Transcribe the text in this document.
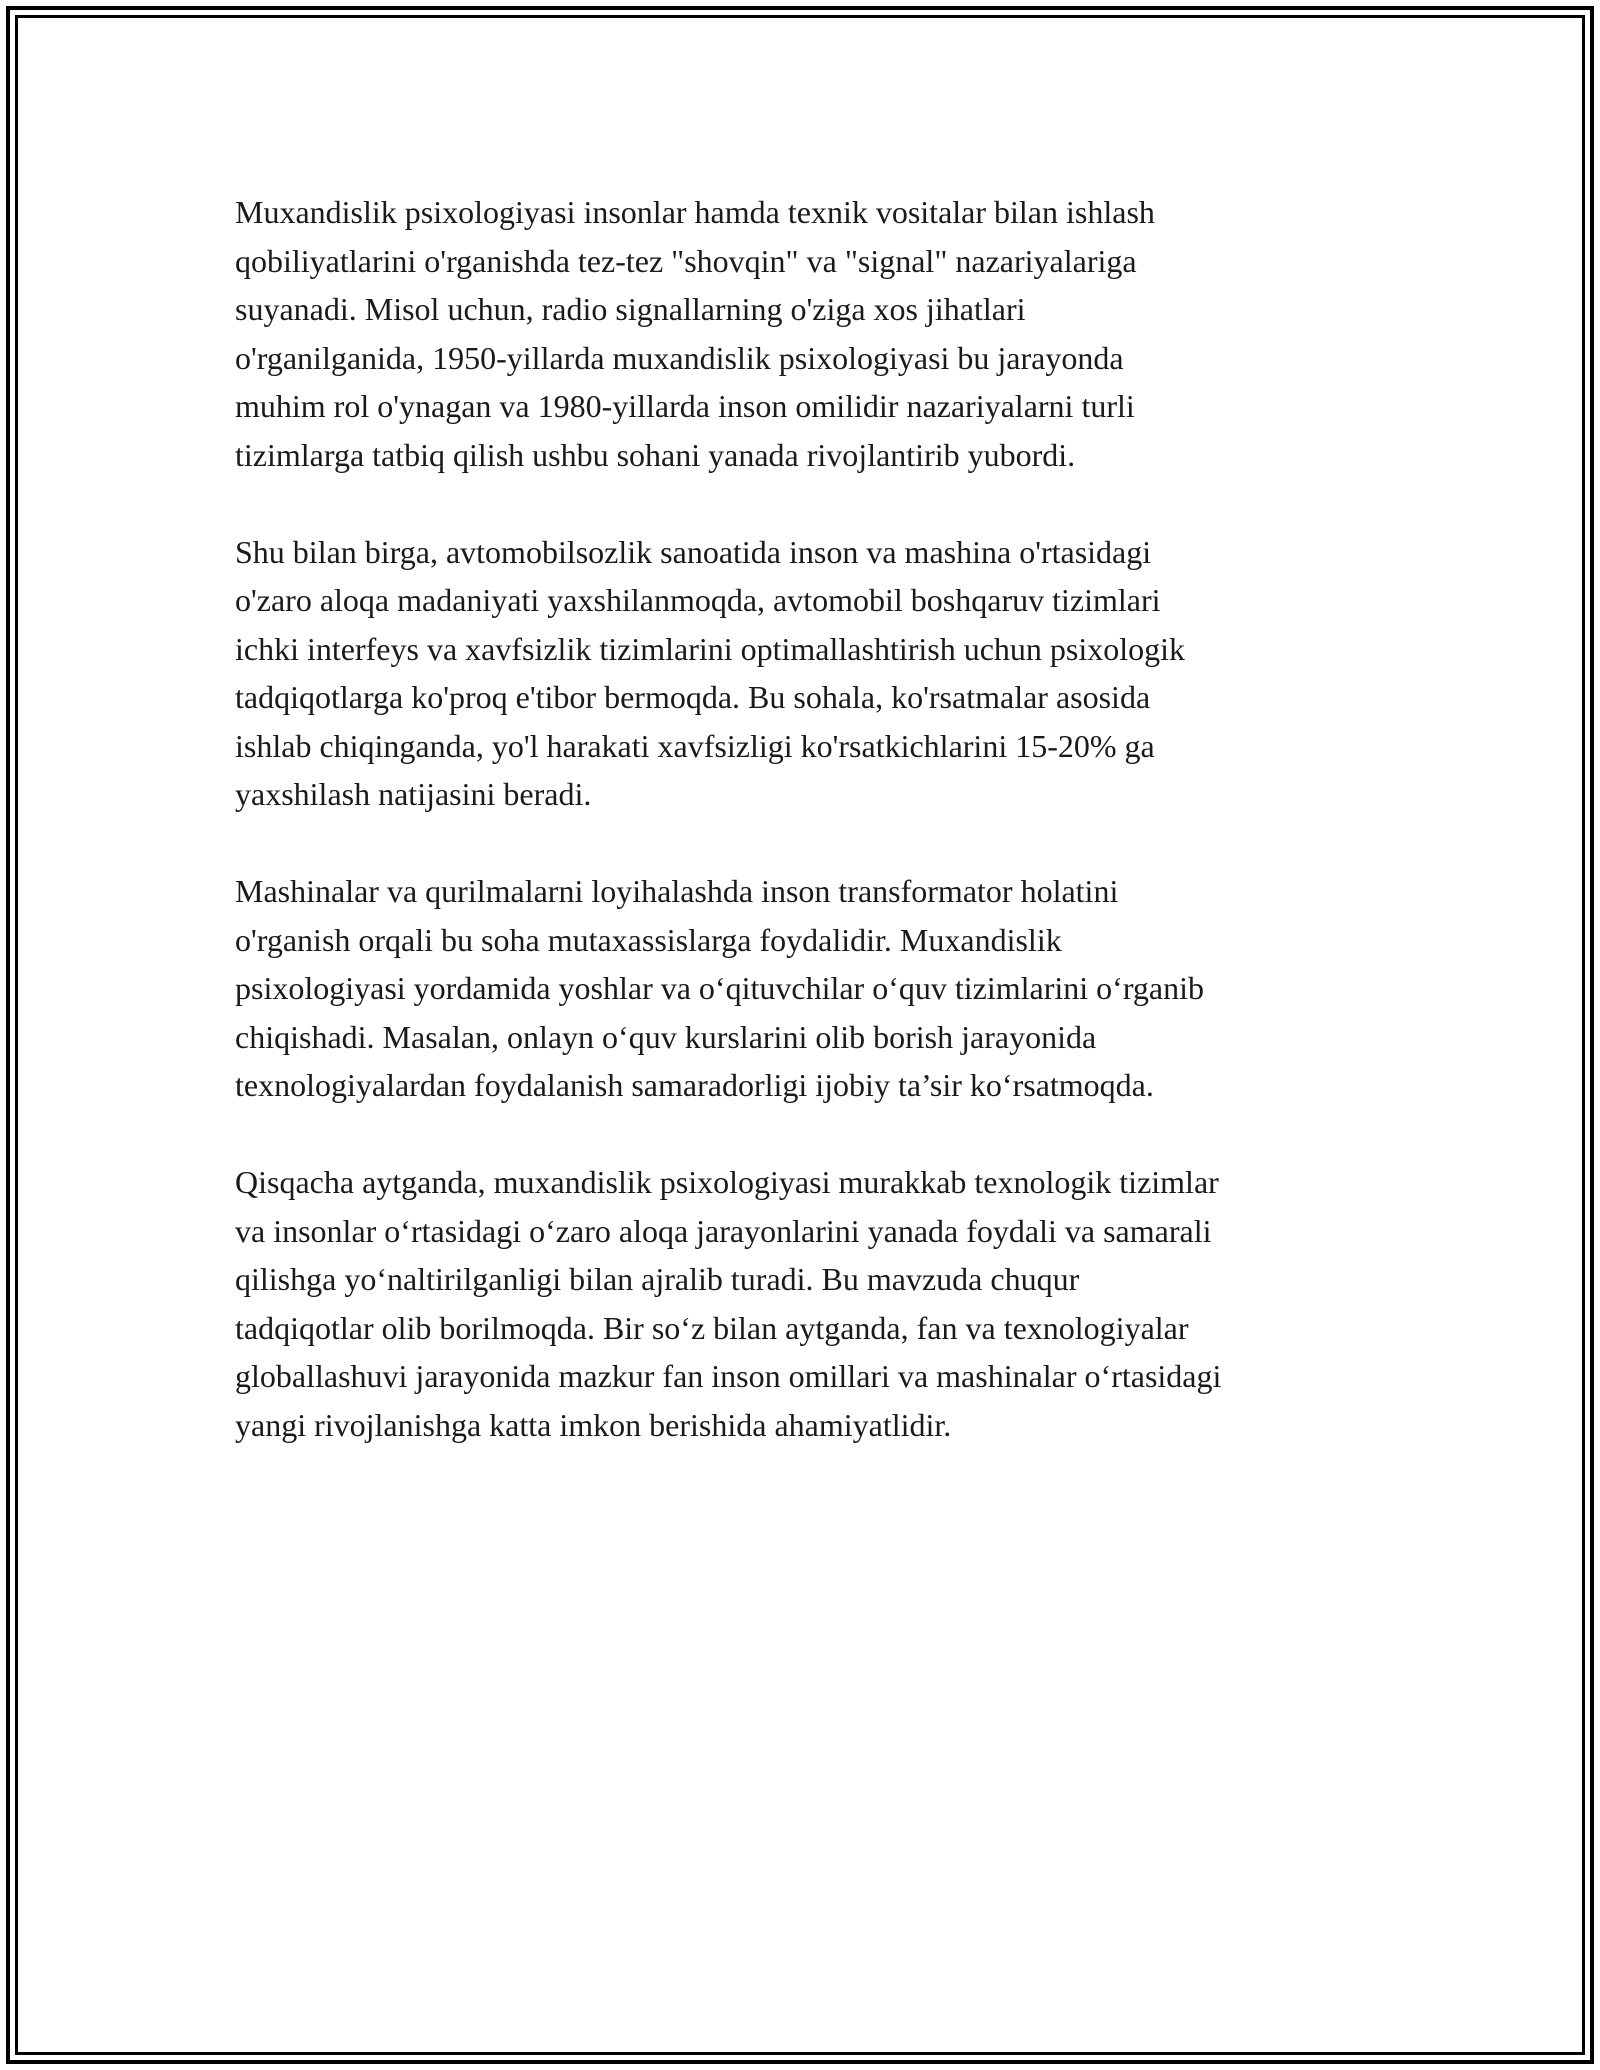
Muxandislik psixologiyasi insonlar hamda texnik vositalar bilan ishlash
qobiliyatlarini o'rganishda tez-tez "shovqin" va "signal" nazariyalariga
suyanadi. Misol uchun, radio signallarning o'ziga xos jihatlari
o'rganilganida, 1950-yillarda muxandislik psixologiyasi bu jarayonda
muhim rol o'ynagan va 1980-yillarda inson omilidir nazariyalarni turli
tizimlarga tatbiq qilish ushbu sohani yanada rivojlantirib yubordi.

Shu bilan birga, avtomobilsozlik sanoatida inson va mashina o'rtasidagi
o'zaro aloqa madaniyati yaxshilanmoqda, avtomobil boshqaruv tizimlari
ichki interfeys va xavfsizlik tizimlarini optimallashtirish uchun psixologik
tadqiqotlarga ko'proq e'tibor bermoqda. Bu sohala, ko'rsatmalar asosida
ishlab chiqinganda, yo'l harakati xavfsizligi ko'rsatkichlarini 15-20% ga
yaxshilash natijasini beradi.

Mashinalar va qurilmalarni loyihalashda inson transformator holatini
o'rganish orqali bu soha mutaxassislarga foydalidir. Muxandislik
psixologiyasi yordamida yoshlar va o‘qituvchilar o‘quv tizimlarini o‘rganib
chiqishadi. Masalan, onlayn o‘quv kurslarini olib borish jarayonida
texnologiyalardan foydalanish samaradorligi ijobiy ta’sir ko‘rsatmoqda.

Qisqacha aytganda, muxandislik psixologiyasi murakkab texnologik tizimlar
va insonlar o‘rtasidagi o‘zaro aloqa jarayonlarini yanada foydali va samarali
qilishga yo‘naltirilganligi bilan ajralib turadi. Bu mavzuda chuqur
tadqiqotlar olib borilmoqda. Bir so‘z bilan aytganda, fan va texnologiyalar
globallashuvi jarayonida mazkur fan inson omillari va mashinalar o‘rtasidagi
yangi rivojlanishga katta imkon berishida ahamiyatlidir.
